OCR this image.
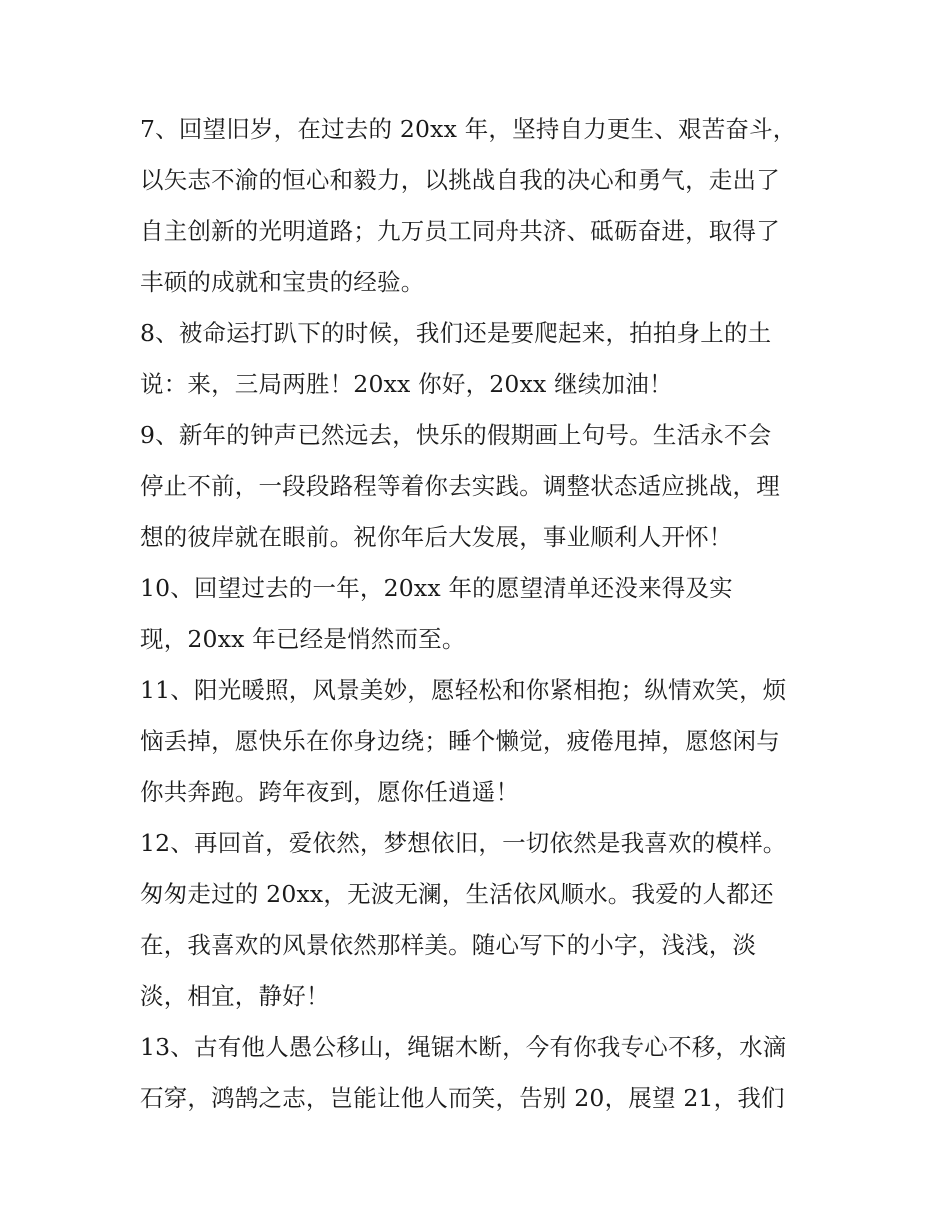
7、回望旧岁，在过去的 20xx 年，坚持自力更生、艰苦奋斗，
以矢志不渝的恒心和毅力，以挑战自我的决心和勇气，走出了
自主创新的光明道路；九万员工同舟共济、砥砺奋进，取得了
丰硕的成就和宝贵的经验。
8、被命运打趴下的时候，我们还是要爬起来，拍拍身上的土
说：来，三局两胜！20xx 你好，20xx 继续加油！
9、新年的钟声已然远去，快乐的假期画上句号。生活永不会
停止不前，一段段路程等着你去实践。调整状态适应挑战，理
想的彼岸就在眼前。祝你年后大发展，事业顺利人开怀！
10、回望过去的一年，20xx 年的愿望清单还没来得及实
现，20xx 年已经是悄然而至。
11、阳光暖照，风景美妙，愿轻松和你紧相抱；纵情欢笑，烦
恼丢掉，愿快乐在你身边绕；睡个懒觉，疲倦甩掉，愿悠闲与
你共奔跑。跨年夜到，愿你任逍遥！
12、再回首，爱依然，梦想依旧，一切依然是我喜欢的模样。
匆匆走过的 20xx，无波无澜，生活依风顺水。我爱的人都还
在，我喜欢的风景依然那样美。随心写下的小字，浅浅，淡
淡，相宜，静好！
13、古有他人愚公移山，绳锯木断，今有你我专心不移，水滴
石穿，鸿鹄之志，岂能让他人而笑，告别 20，展望 21，我们
